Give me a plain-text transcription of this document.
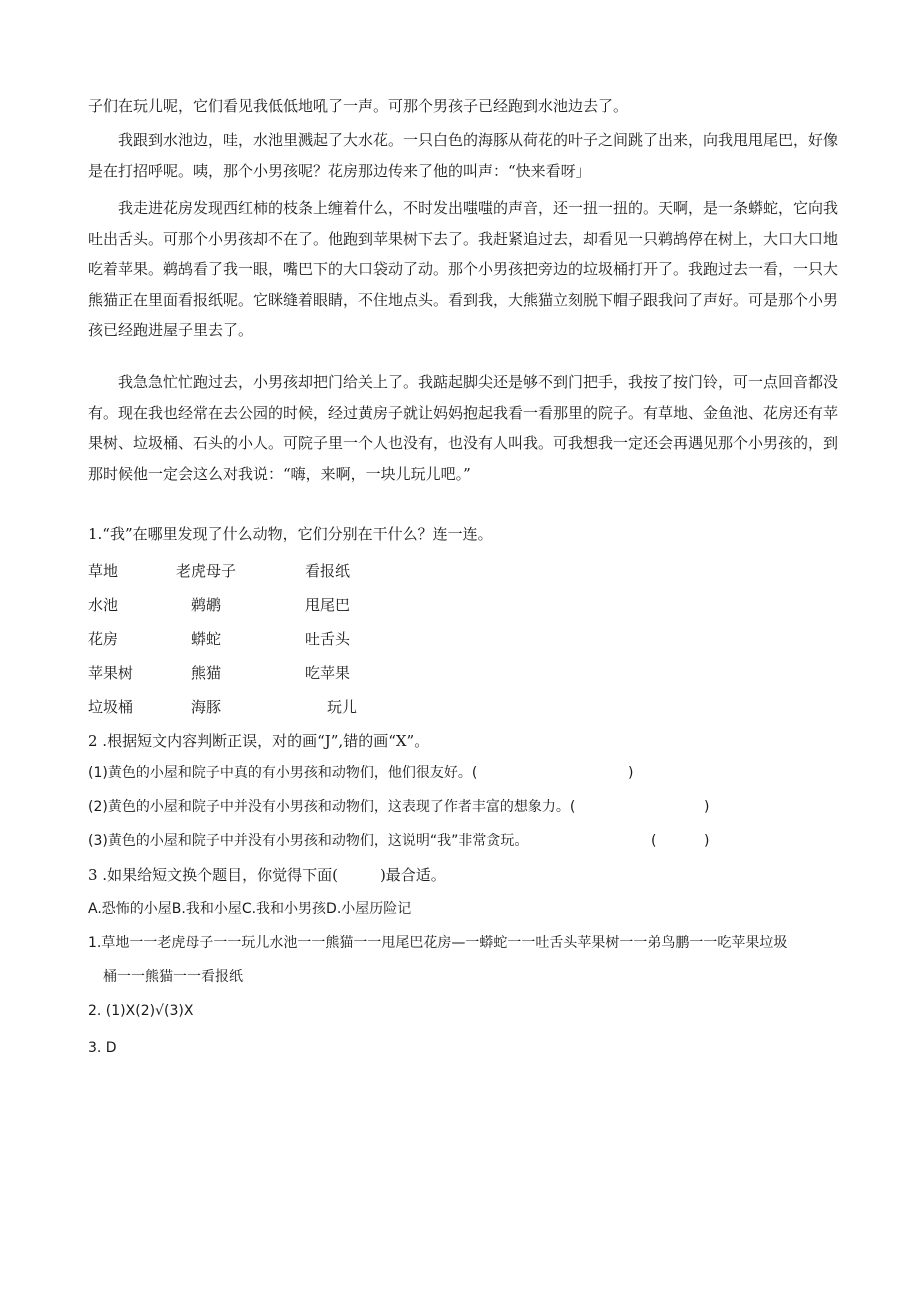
子们在玩儿呢，它们看见我低低地吼了一声。可那个男孩子已经跑到水池边去了。

我跟到水池边，哇，水池里溅起了大水花。一只白色的海豚从荷花的叶子之间跳了出来，向我甩甩尾巴，好像是在打招呼呢。咦，那个小男孩呢？花房那边传来了他的叫声：“快来看呀」

我走进花房发现西红柿的枝条上缠着什么，不时发出嗤嗤的声音，还一扭一扭的。天啊，是一条蟒蛇，它向我吐出舌头。可那个小男孩却不在了。他跑到苹果树下去了。我赶紧追过去，却看见一只鹈鸪停在树上，大口大口地吃着苹果。鹈鸪看了我一眼，嘴巴下的大口袋动了动。那个小男孩把旁边的垃圾桶打开了。我跑过去一看，一只大熊猫正在里面看报纸呢。它眯缝着眼睛，不住地点头。看到我，大熊猫立刻脱下帽子跟我问了声好。可是那个小男孩已经跑进屋子里去了。

我急急忙忙跑过去，小男孩却把门给关上了。我踮起脚尖还是够不到门把手，我按了按门铃，可一点回音都没有。现在我也经常在去公园的时候，经过黄房子就让妈妈抱起我看一看那里的院子。有草地、金鱼池、花房还有苹果树、垃圾桶、石头的小人。可院子里一个人也没有，也没有人叫我。可我想我一定还会再遇见那个小男孩的，到那时候他一定会这么对我说：“嗨，来啊，一块儿玩儿吧。”

1.“我”在哪里发现了什么动物，它们分别在干什么？连一连。

草地	老虎母子	看报纸
水池	鹈鹕	甩尾巴
花房	蟒蛇	吐舌头
苹果树	熊猫	吃苹果
垃圾桶	海豚	玩儿

2 .根据短文内容判断正误，对的画“J”,错的画“X”。

(1)黄色的小屋和院子中真的有小男孩和动物们，他们很友好。(	)

(2)黄色的小屋和院子中并没有小男孩和动物们，这表现了作者丰富的想象力。(	)

(3)黄色的小屋和院子中并没有小男孩和动物们，这说明“我”非常贪玩。	(	)

3 .如果给短文换个题目，你觉得下面(	)最合适。

A.恐怖的小屋B.我和小屋C.我和小男孩D.小屋历险记

1.草地一一老虎母子一一玩儿水池一一熊猫一一甩尾巴花房—一蟒蛇一一吐舌头苹果树一一弟鸟鹏一一吃苹果垃圾

桶一一熊猫一一看报纸

2. (1)X(2)√(3)X

3. D
